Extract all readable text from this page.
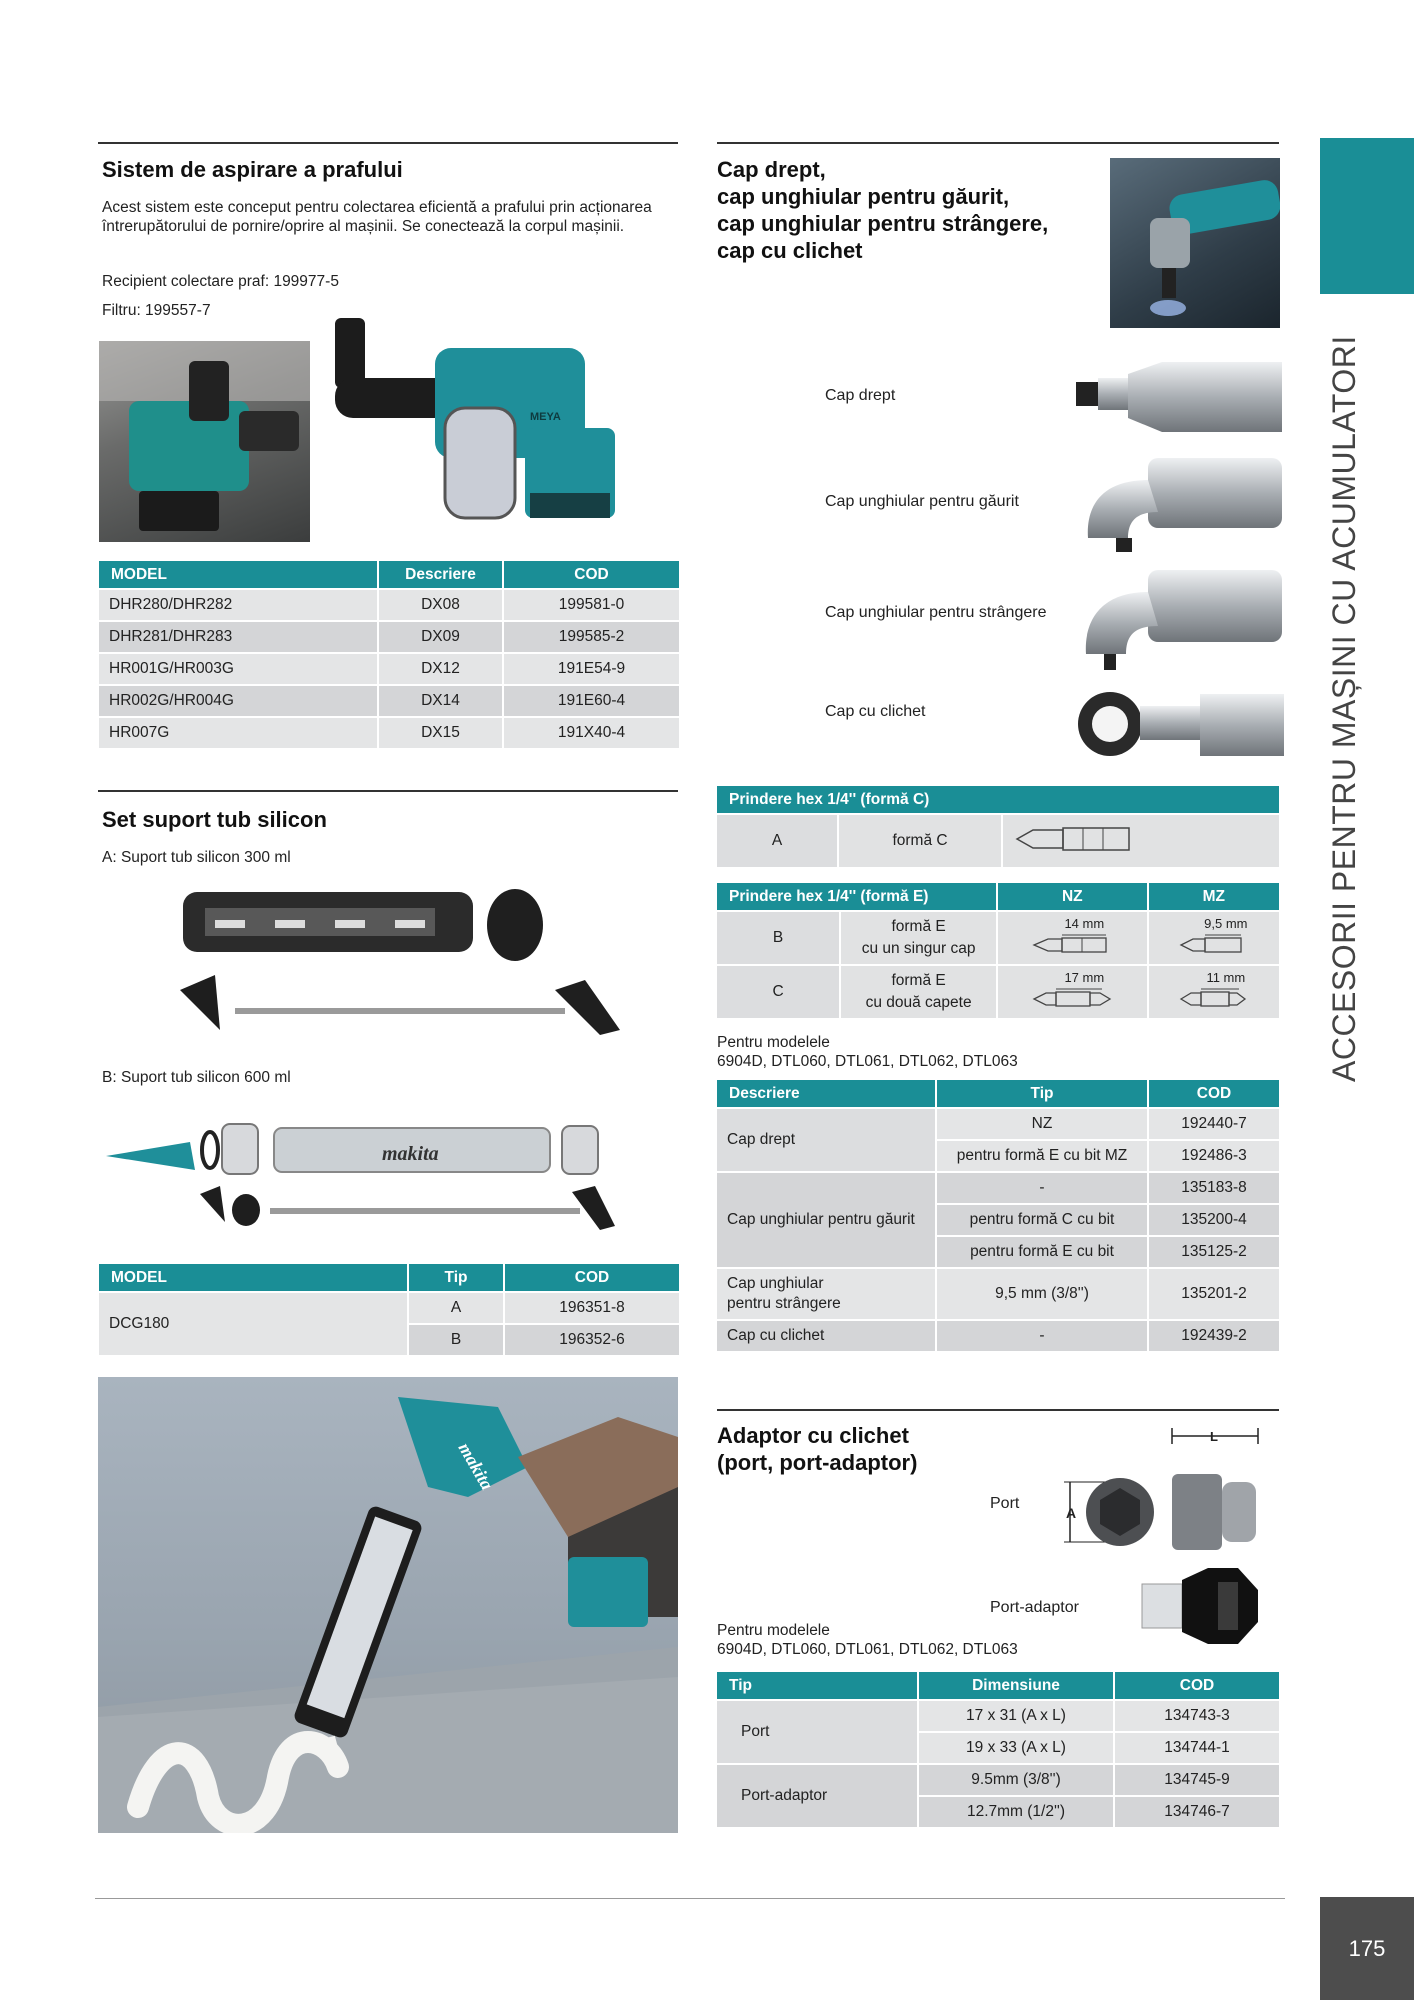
Sistem de aspirare a prafului
Acest sistem este conceput pentru colectarea eficientă a prafului prin acționarea întrerupătorului de pornire/oprire al mașinii. Se conectează la corpul mașinii.
Recipient colectare praf: 199977-5
Filtru: 199557-7
MEYA
MODEL	Descriere	COD
DHR280/DHR282	DX08	199581-0
DHR281/DHR283	DX09	199585-2
HR001G/HR003G	DX12	191E54-9
HR002G/HR004G	DX14	191E60-4
HR007G	DX15	191X40-4
Set suport tub silicon
A: Suport tub silicon 300 ml
B: Suport tub silicon 600 ml
makita
MODEL	Tip	COD
DCG180	A	196351-8
	B	196352-6
makita
Cap drept,
cap unghiular pentru găurit,
cap unghiular pentru strângere,
cap cu clichet
Cap drept
Cap unghiular pentru găurit
Cap unghiular pentru strângere
Cap cu clichet
Prindere hex 1/4'' (formă C)
A	formă C	
Prindere hex 1/4'' (formă E)		NZ	MZ
B	formă E
cu un singur cap	14 mm	9,5 mm

C	formă E
cu două capete	17 mm	11 mm
Pentru modelele
6904D, DTL060, DTL061, DTL062, DTL063
Descriere	Tip	COD
Cap drept	NZ	192440-7
	pentru formă E cu bit MZ	192486-3
Cap unghiular pentru găurit	-	135183-8
	pentru formă C cu bit	135200-4
	pentru formă E cu bit	135125-2

Cap unghiular
pentru strângere	9,5 mm (3/8'')	135201-2
Cap cu clichet	-	192439-2
Adaptor cu clichet
(port, port-adaptor)
Port
Port-adaptor
L
A
Pentru modelele
6904D, DTL060, DTL061, DTL062, DTL063
Tip	Dimensiune	COD
Port	17 x 31 (A x L)	134743-3
	19 x 33 (A x L)	134744-1
Port-adaptor	9.5mm (3/8'')	134745-9
	12.7mm (1/2'')	134746-7
ACCESORII PENTRU MAȘINI CU ACUMULATORI
175
